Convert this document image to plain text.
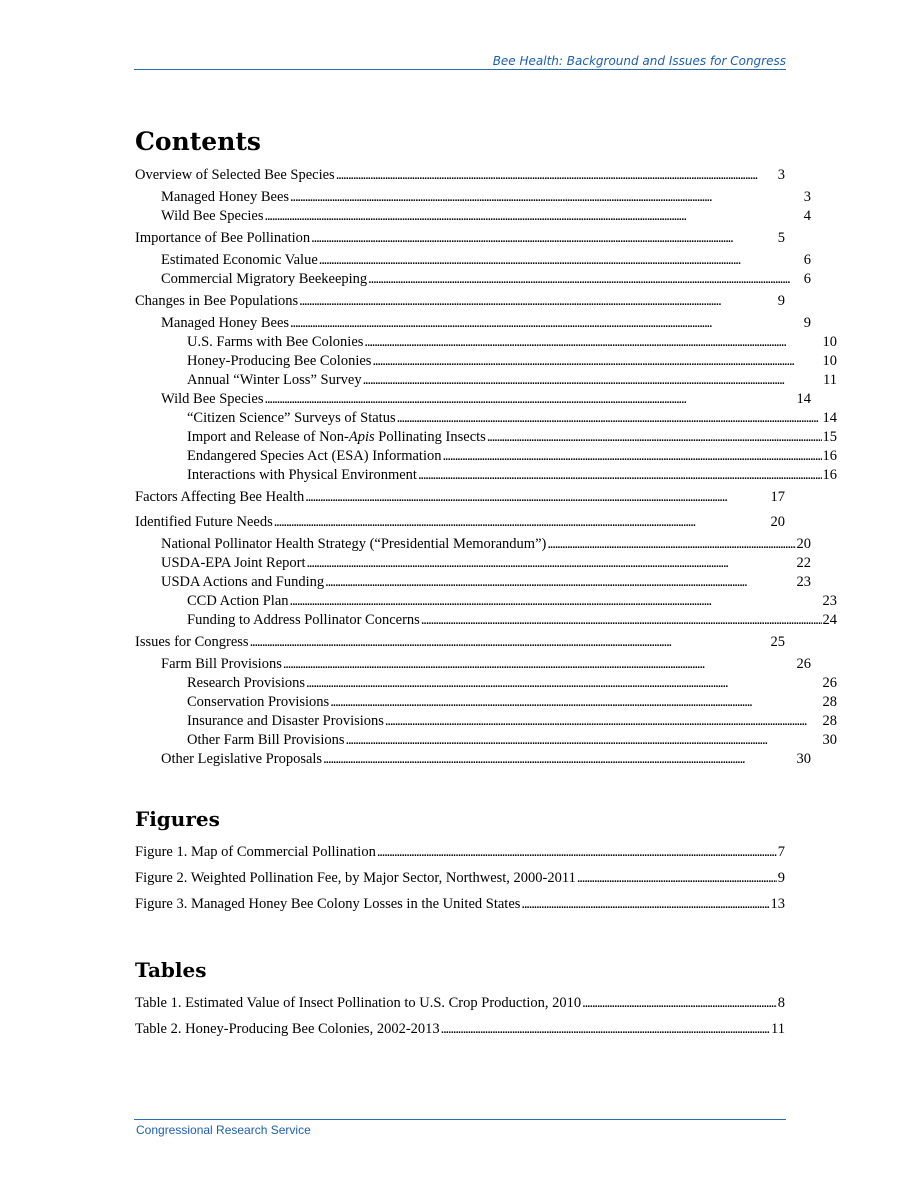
Bee Health: Background and Issues for Congress
Contents
Overview of Selected Bee Species . . .	3
Managed Honey Bees . . .	3
Wild Bee Species . . .	4
Importance of Bee Pollination . . .	5
Estimated Economic Value . . .	6
Commercial Migratory Beekeeping . . .	6
Changes in Bee Populations . . .	9
Managed Honey Bees . . .	9
U.S. Farms with Bee Colonies . . .	10
Honey-Producing Bee Colonies . . .	10
Annual “Winter Loss” Survey . . .	11
Wild Bee Species . . .	14
“Citizen Science” Surveys of Status . . .	14
Import and Release of Non-Apis Pollinating Insects . . .	15
Endangered Species Act (ESA) Information . . .	16
Interactions with Physical Environment . . .	16
Factors Affecting Bee Health . . .	17
Identified Future Needs . . .	20
National Pollinator Health Strategy (“Presidential Memorandum”) . . .	20
USDA-EPA Joint Report . . .	22
USDA Actions and Funding . . .	23
CCD Action Plan . . .	23
Funding to Address Pollinator Concerns . . .	24
Issues for Congress . . .	25
Farm Bill Provisions . . .	26
Research Provisions . . .	26
Conservation Provisions . . .	28
Insurance and Disaster Provisions . . .	28
Other Farm Bill Provisions . . .	30
Other Legislative Proposals . . .	30
Figures
Figure 1. Map of Commercial Pollination . . .	7
Figure 2. Weighted Pollination Fee, by Major Sector, Northwest, 2000-2011 . . .	9
Figure 3. Managed Honey Bee Colony Losses in the United States . . .	13
Tables
Table 1. Estimated Value of Insect Pollination to U.S. Crop Production, 2010 . . .	8
Table 2. Honey-Producing Bee Colonies, 2002-2013 . . .	11
Congressional Research Service
